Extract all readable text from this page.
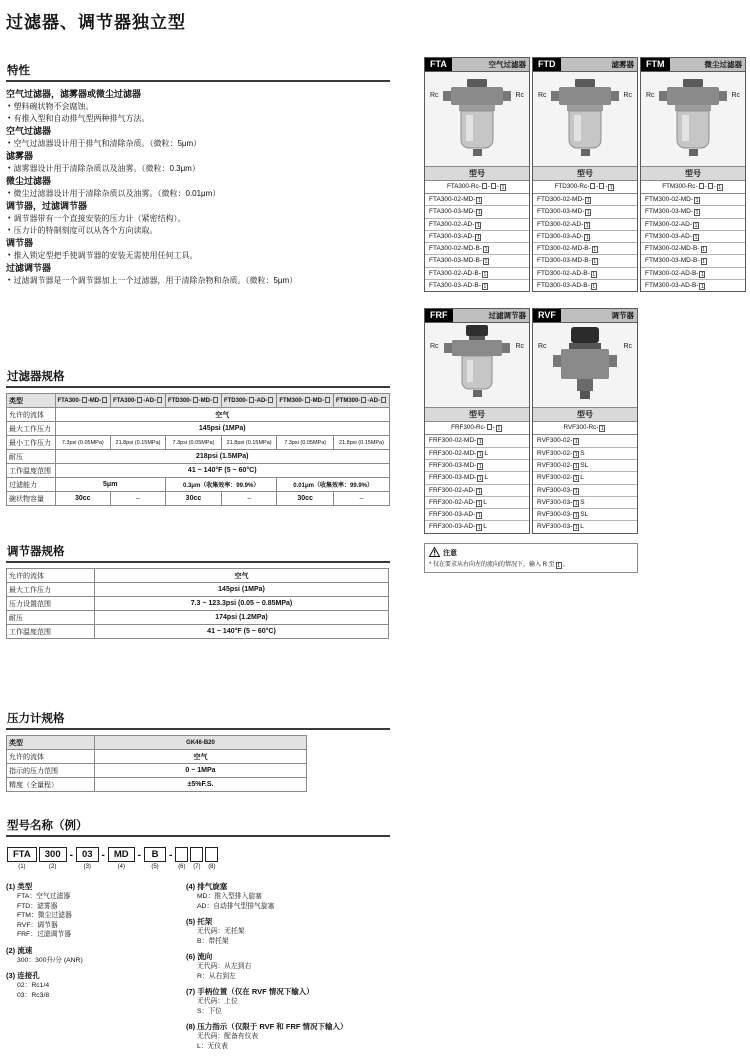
过滤器、调节器独立型
特性
空气过滤器，滤雾器或微尘过滤器
• 塑料碗状物不会腐蚀。
• 有推入型和自动排气型两种排气方法。
空气过滤器
• 空气过滤器设计用于排气和清除杂质。（微粒：5μm）
滤雾器
• 滤雾器设计用于清除杂质以及油雾。（微粒：0.3μm）
微尘过滤器
• 微尘过滤器设计用于清除杂质以及油雾。（微粒：0.01μm）
调节器，过滤调节器
• 调节器带有一个直接安装的压力计（紧密结构）。
• 压力计的特制刻度可以从各个方向读取。
调节器
• 推入锁定型把手使调节器的安装无需使用任何工具。
过滤调节器
• 过滤调节器是一个调节器加上一个过滤器，用于清除杂物和杂质。（微粒：5μm）
过滤器规格
类型	FTA300- -MD-	FTA300- -AD-	FTD300- -MD-	FTD300- -AD-	FTM300- -MD-	FTM300- -AD-
允许的流体	空气					
最大工作压力	145psi (1MPa)					
最小工作压力	7.3psi (0.05MPa)	21.8psi (0.15MPa)	7.3psi (0.05MPa)	21.8psi (0.15MPa)	7.3psi (0.05MPa)	21.8psi (0.15MPa)
耐压	218psi (1.5MPa)					
工作温度范围	41 ~ 140°F (5 ~ 60°C)					
过滤能力	5μm		0.3μm（收集效率：99.9%）		0.01μm（收集效率：99.9%）	
碗状物容量	30cc	–	30cc	–	30cc	–
调节器规格
允许的流体	空气
最大工作压力	145psi (1MPa)
压力设置范围	7.3 ~ 123.3psi (0.05 ~ 0.85MPa)
耐压	174psi (1.2MPa)
工作温度范围	41 ~ 140°F (5 ~ 60°C)
压力计规格
类型	GK46-B20
允许的流体	空气
指示的压力范围	0 ~ 1MPa
精度（全量程）	±5%F.S.
型号名称（例）
FTA
(1)
300
(2)
- 03
(3)
- MD
(4)
-	B
(5)
-
(6) (7) (8)
(1) 类型
FTA：空气过滤器
FTD：滤雾器
FTM：微尘过滤器
RVF：调节器
FRF：过滤调节器
(2) 流速
300：300升/分 (ANR)
(3) 连接孔
02：Rc1/4
03：Rc3/8
(4) 排气旋塞
MD：推入型排入旋塞
AD：自动排气型排气旋塞
(5) 托架
无代码：无托架
B：带托架
(6) 流向
无代码：从左到右
R：从右到左
(7) 手柄位置（仅在 RVF 情况下输入）
无代码：上位
S：下位
(8) 压力指示（仅限于 RVF 和 FRF 情况下输入）
无代码：配备有仪表
L：无仪表
FTA	空气过滤器
Rc	Rc
型号
FTA300-Rc- - - 1
FTA300-02-MD- 1
FTA300-03-MD- 1
FTA300-02-AD- 1
FTA300-03-AD- 1
FTA300-02-MD-B- 1
FTA300-03-MD-B- 1
FTA300-02-AD-B- 1
FTA300-03-AD-B- 1
FTD	滤雾器
Rc	Rc
型号
FTD300-Rc- - - 1
FTD300-02-MD- 1
FTD300-03-MD- 1
FTD300-02-AD- 1
FTD300-03-AD- 1
FTD300-02-MD-B- 1
FTD300-03-MD-B- 1
FTD300-02-AD-B- 1
FTD300-03-AD-B- 1
FTM	微尘过滤器
Rc	Rc
型号
FTM300-Rc- - - 1
FTM300-02-MD- 1
FTM300-03-MD- 1
FTM300-02-AD- 1
FTM300-03-AD- 1
FTM300-02-MD-B- 1
FTM300-03-MD-B- 1
FTM300-02-AD-B- 1
FTM300-03-AD-B- 1
FRF	过滤调节器
Rc	Rc
型号
FRF300-Rc- - 1
FRF300-02-MD- 1
FRF300-02-MD- 1 L
FRF300-03-MD- 1
FRF300-03-MD- 1 L
FRF300-02-AD- 1
FRF300-02-AD- 1 L
FRF300-03-AD- 1
FRF300-03-AD- 1 L
RVF	调节器
Rc	Rc
型号
RVF300-Rc- 1
RVF300-02- 1
RVF300-02- 1 S
RVF300-02- 1 SL
RVF300-02- 1 L
RVF300-03- 1
RVF300-03- 1 S
RVF300-03- 1 SL
RVF300-03- 1 L
注意
* 仅在要求从右向左的流向的情况下，输入 R 至 1 。
